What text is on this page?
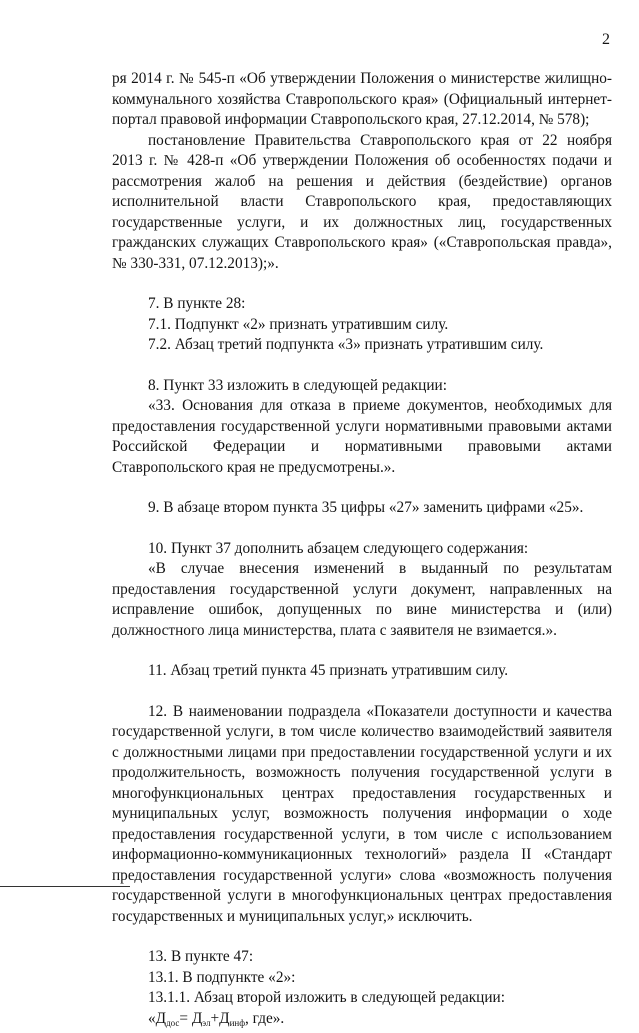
2

ря 2014 г. № 545-п «Об утверждении Положения о министерстве жилищно-коммунального хозяйства Ставропольского края» (Официальный интернет-портал правовой информации Ставропольского края, 27.12.2014, № 578);

постановление Правительства Ставропольского края от 22 ноября 2013 г. № 428-п «Об утверждении Положения об особенностях подачи и рассмотрения жалоб на решения и действия (бездействие) органов исполнительной власти Ставропольского края, предоставляющих государственные услуги, и их должностных лиц, государственных гражданских служащих Ставропольского края» («Ставропольская правда», № 330-331, 07.12.2013);».

7. В пункте 28:

7.1. Подпункт «2» признать утратившим силу.

7.2. Абзац третий подпункта «3» признать утратившим силу.

8. Пункт 33 изложить в следующей редакции:

«33. Основания для отказа в приеме документов, необходимых для предоставления государственной услуги нормативными правовыми актами Российской Федерации и нормативными правовыми актами Ставропольского края не предусмотрены.».

9. В абзаце втором пункта 35 цифры «27» заменить цифрами «25».

10. Пункт 37 дополнить абзацем следующего содержания:

«В случае внесения изменений в выданный по результатам предоставления государственной услуги документ, направленных на исправление ошибок, допущенных по вине министерства и (или) должностного лица министерства, плата с заявителя не взимается.».

11. Абзац третий пункта 45 признать утратившим силу.

12. В наименовании подраздела «Показатели доступности и качества государственной услуги, в том числе количество взаимодействий заявителя с должностными лицами при предоставлении государственной услуги и их продолжительность, возможность получения государственной услуги в многофункциональных центрах предоставления государственных и муниципальных услуг, возможность получения информации о ходе предоставления государственной услуги, в том числе с использованием информационно-коммуникационных технологий» раздела II «Стандарт предоставления государственной услуги» слова «возможность получения государственной услуги в многофункциональных центрах предоставления государственных и муниципальных услуг,» исключить.

13. В пункте 47:

13.1. В подпункте «2»:

13.1.1. Абзац второй изложить в следующей редакции:

«$Д_{дос}= Д_{эл}+Д_{инф}$, где».
